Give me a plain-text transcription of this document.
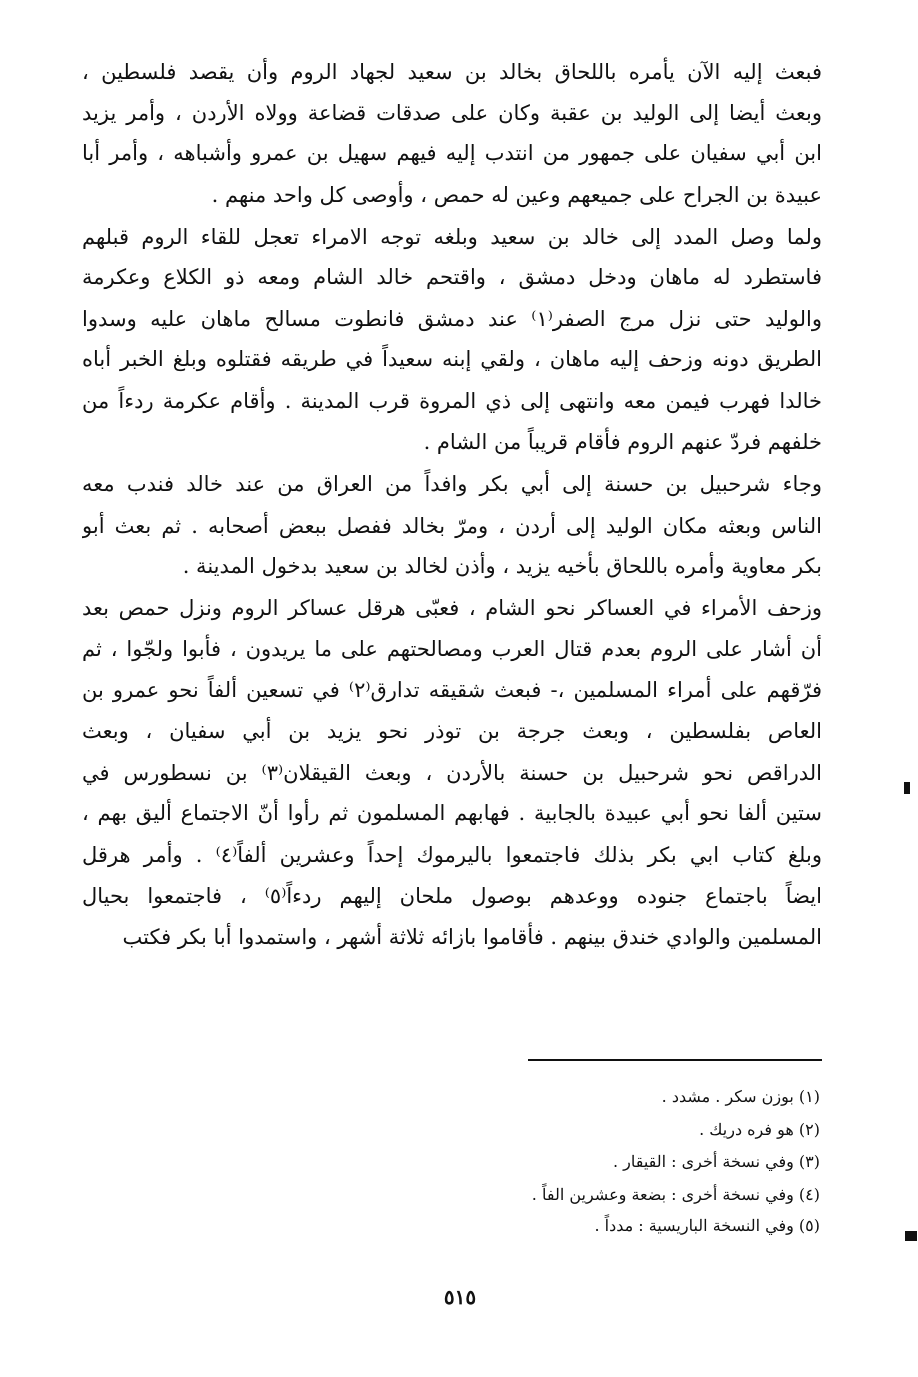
فبعث إليه الآن يأمره باللحاق بخالد بن سعيد لجهاد الروم وأن يقصد فلسطين ،
وبعث أيضا إلى الوليد بن عقبة وكان على صدقات قضاعة وولاه الأردن ، وأمر يزيد
ابن أبي سفيان على جمهور من انتدب إليه فيهم سهيل بن عمرو وأشباهه ، وأمر أبا
عبيدة بن الجراح على جميعهم وعين له حمص ، وأوصى كل واحد منهم .
ولما وصل المدد إلى خالد بن سعيد وبلغه توجه الامراء تعجل للقاء الروم قبلهم
فاستطرد له ماهان ودخل دمشق ، واقتحم خالد الشام ومعه ذو الكلاع وعكرمة
والوليد حتى نزل مرج الصفر⁽١⁾ عند دمشق فانطوت مسالح ماهان عليه وسدوا
الطريق دونه وزحف إليه ماهان ، ولقي إبنه سعيداً في طريقه فقتلوه وبلغ الخبر أباه
خالدا فهرب فيمن معه وانتهى إلى ذي المروة قرب المدينة . وأقام عكرمة ردءاً من
خلفهم فردّ عنهم الروم فأقام قريباً من الشام .
وجاء شرحبيل بن حسنة إلى أبي بكر وافداً من العراق من عند خالد فندب معه
الناس وبعثه مكان الوليد إلى أردن ، ومرّ بخالد ففصل ببعض أصحابه . ثم بعث أبو
بكر معاوية وأمره باللحاق بأخيه يزيد ، وأذن لخالد بن سعيد بدخول المدينة .
وزحف الأمراء في العساكر نحو الشام ، فعبّى هرقل عساكر الروم ونزل حمص بعد
أن أشار على الروم بعدم قتال العرب ومصالحتهم على ما يريدون ، فأبوا ولجّوا ، ثم
فرّقهم على أمراء المسلمين ،- فبعث شقيقه تدارق⁽٢⁾ في تسعين ألفاً نحو عمرو بن
العاص بفلسطين ، وبعث جرجة بن توذر نحو يزيد بن أبي سفيان ، وبعث
الدراقص نحو شرحبيل بن حسنة بالأردن ، وبعث القيقلان⁽٣⁾ بن نسطورس في
ستين ألفا نحو أبي عبيدة بالجابية . فهابهم المسلمون ثم رأوا أنّ الاجتماع أليق بهم ،
وبلغ كتاب ابي بكر بذلك فاجتمعوا باليرموك إحداً وعشرين ألفاً⁽٤⁾ . وأمر هرقل
ايضاً باجتماع جنوده ووعدهم بوصول ملحان إليهم ردءاً⁽٥⁾ ، فاجتمعوا بحيال
المسلمين والوادي خندق بينهم . فأقاموا بازائه ثلاثة أشهر ، واستمدوا أبا بكر فكتب
(١) بوزن سكر . مشدد .
(٢) هو فره دريك .
(٣) وفي نسخة أخرى : القيقار .
(٤) وفي نسخة أخرى : بضعة وعشرين الفاً .
(٥) وفي النسخة الباريسية : مدداً .
٥١٥
